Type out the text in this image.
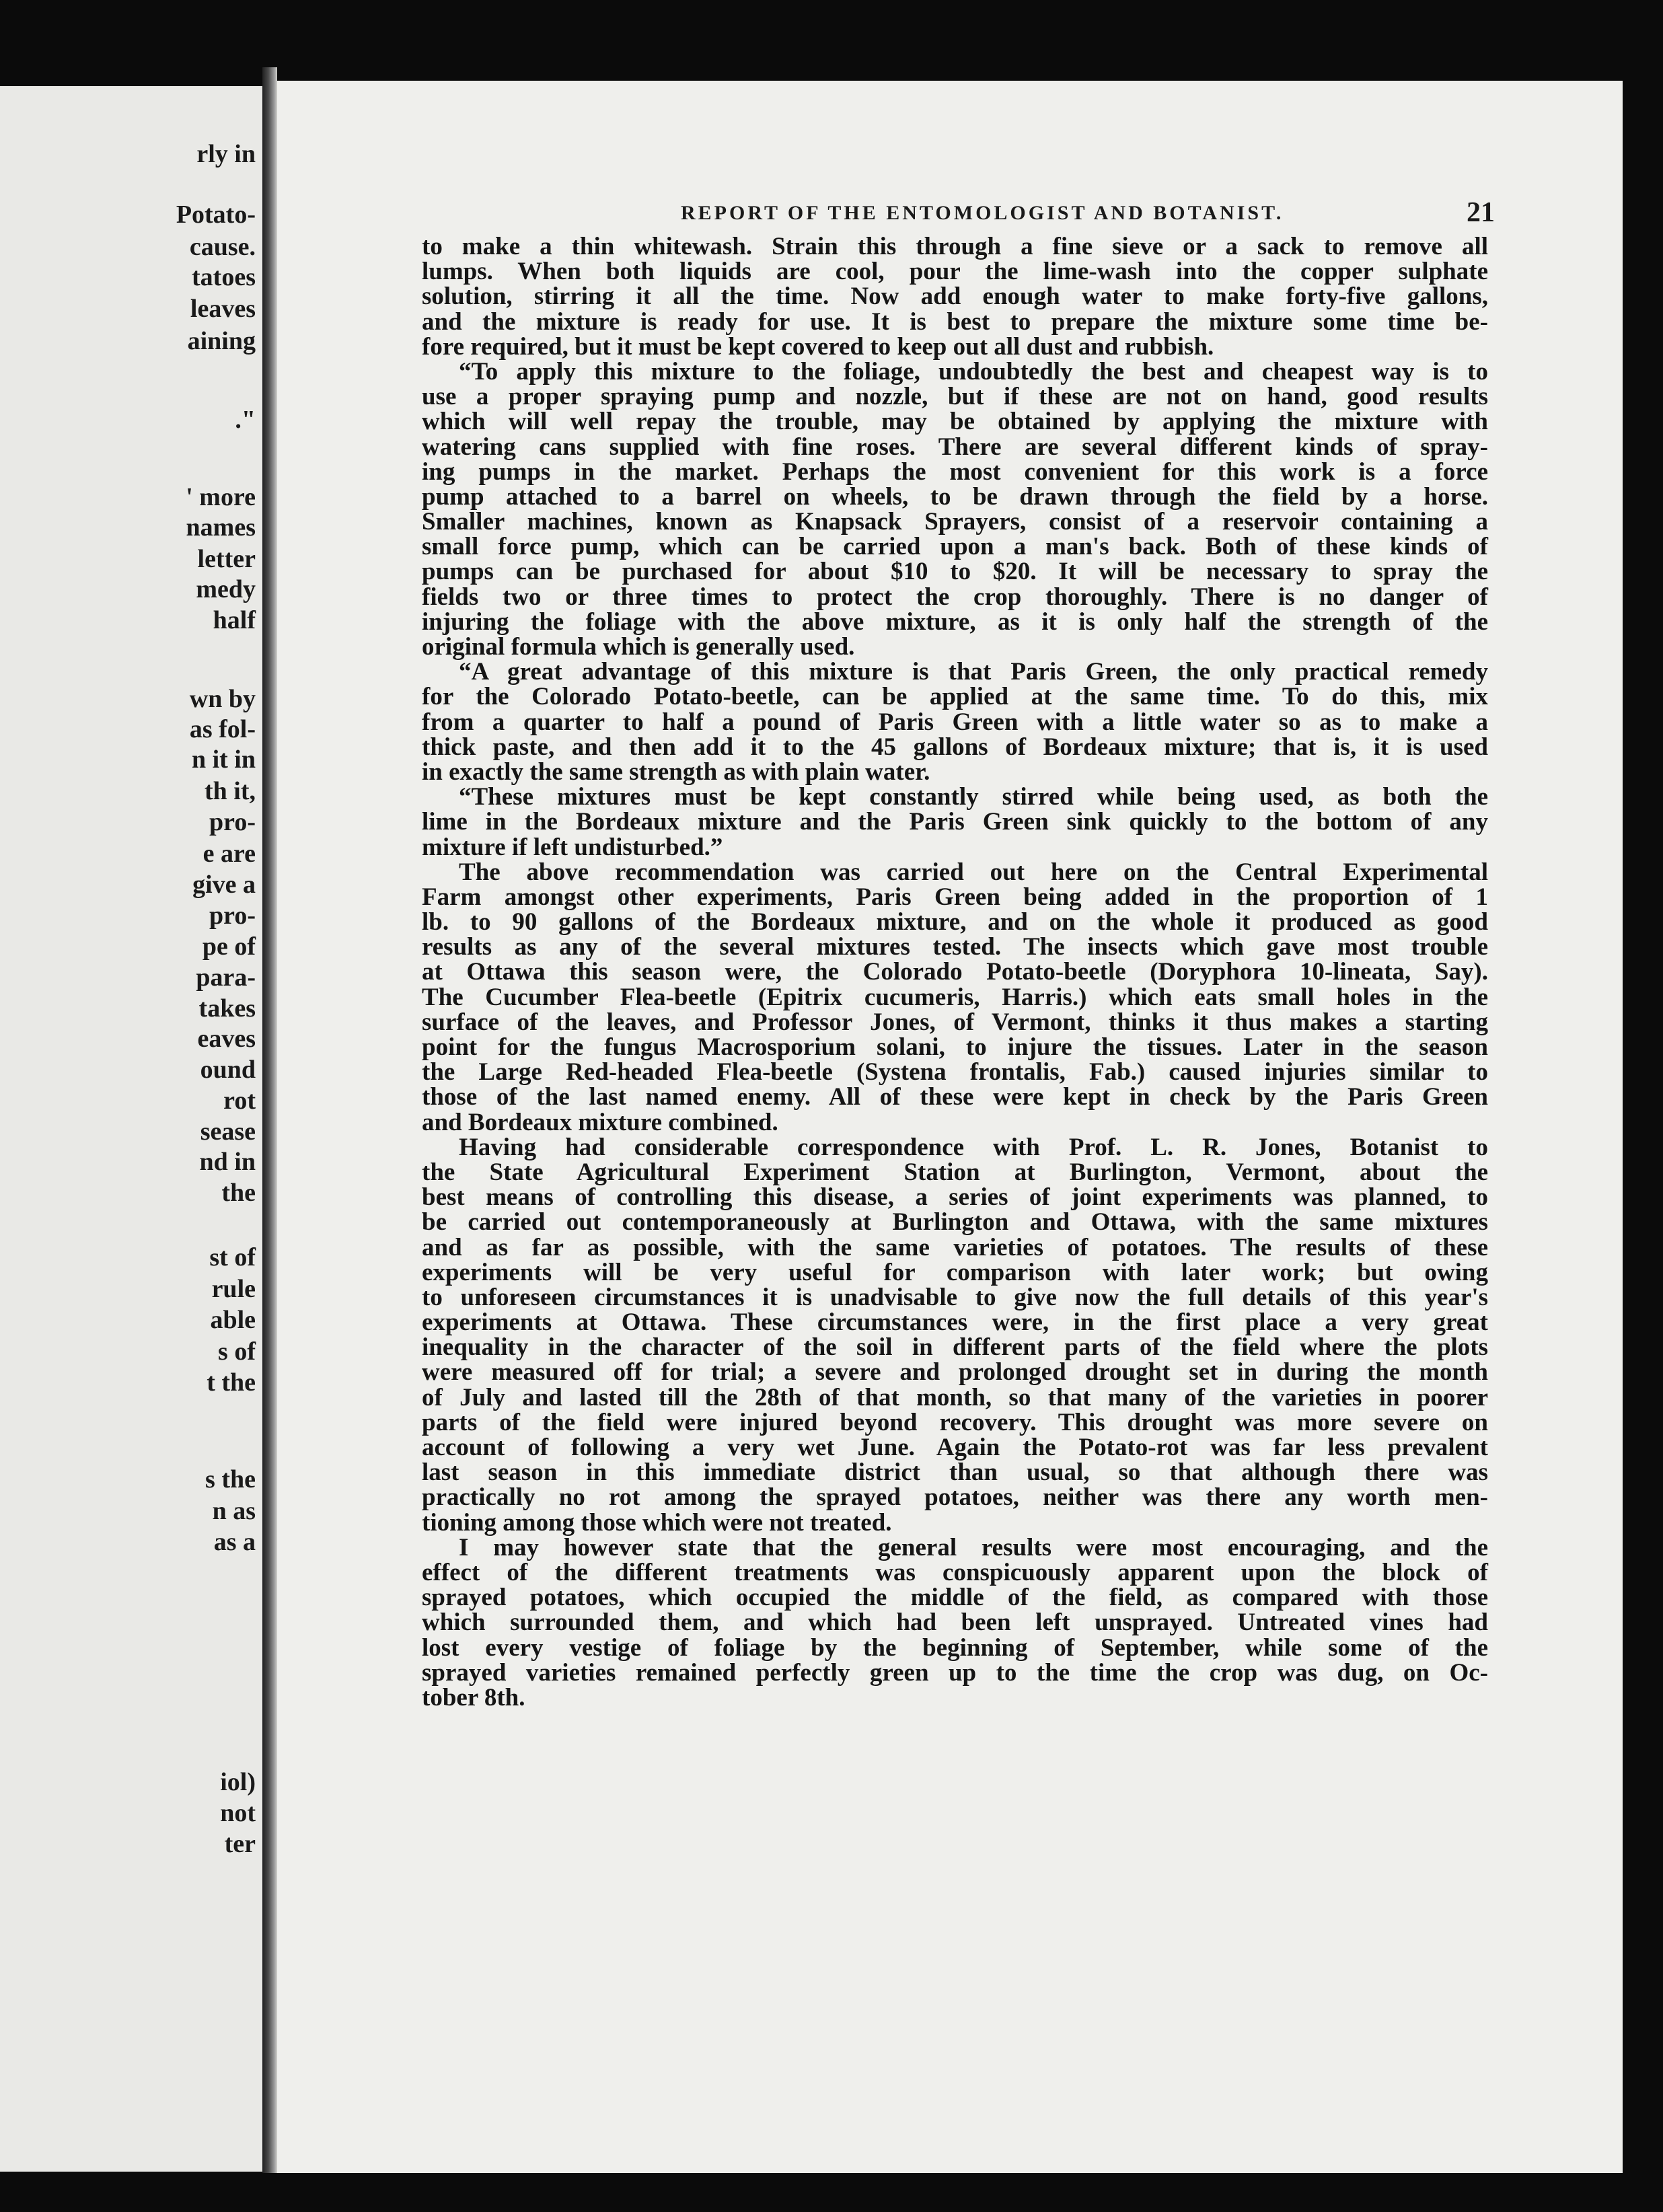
rly in
Potato-
cause.
tatoes
leaves
aining
."
' more
names
letter
medy
half
wn by
as fol-
n it in
th it,
pro-
e are
give a
pro-
pe of
para-
takes
eaves
ound
rot
sease
nd in
the
st of
rule
able
s of
t the
s the
n as
as a
iol)
not
ter
REPORT OF THE ENTOMOLOGIST AND BOTANIST.	21
to make a thin whitewash. Strain this through a fine sieve or a sack to remove all
lumps. When both liquids are cool, pour the lime-wash into the copper sulphate
solution, stirring it all the time. Now add enough water to make forty-five gallons,
and the mixture is ready for use. It is best to prepare the mixture some time be-
fore required, but it must be kept covered to keep out all dust and rubbish.
“To apply this mixture to the foliage, undoubtedly the best and cheapest way is to
use a proper spraying pump and nozzle, but if these are not on hand, good results
which will well repay the trouble, may be obtained by applying the mixture with
watering cans supplied with fine roses. There are several different kinds of spray-
ing pumps in the market. Perhaps the most convenient for this work is a force
pump attached to a barrel on wheels, to be drawn through the field by a horse.
Smaller machines, known as Knapsack Sprayers, consist of a reservoir containing a
small force pump, which can be carried upon a man's back. Both of these kinds of
pumps can be purchased for about $10 to $20. It will be necessary to spray the
fields two or three times to protect the crop thoroughly. There is no danger of
injuring the foliage with the above mixture, as it is only half the strength of the
original formula which is generally used.
“A great advantage of this mixture is that Paris Green, the only practical remedy
for the Colorado Potato-beetle, can be applied at the same time. To do this, mix
from a quarter to half a pound of Paris Green with a little water so as to make a
thick paste, and then add it to the 45 gallons of Bordeaux mixture; that is, it is used
in exactly the same strength as with plain water.
“These mixtures must be kept constantly stirred while being used, as both the
lime in the Bordeaux mixture and the Paris Green sink quickly to the bottom of any
mixture if left undisturbed.”
The above recommendation was carried out here on the Central Experimental
Farm amongst other experiments, Paris Green being added in the proportion of 1
lb. to 90 gallons of the Bordeaux mixture, and on the whole it produced as good
results as any of the several mixtures tested. The insects which gave most trouble
at Ottawa this season were, the Colorado Potato-beetle (Doryphora 10-lineata, Say).
The Cucumber Flea-beetle (Epitrix cucumeris, Harris.) which eats small holes in the
surface of the leaves, and Professor Jones, of Vermont, thinks it thus makes a starting
point for the fungus Macrosporium solani, to injure the tissues. Later in the season
the Large Red-headed Flea-beetle (Systena frontalis, Fab.) caused injuries similar to
those of the last named enemy. All of these were kept in check by the Paris Green
and Bordeaux mixture combined.
Having had considerable correspondence with Prof. L. R. Jones, Botanist to
the State Agricultural Experiment Station at Burlington, Vermont, about the
best means of controlling this disease, a series of joint experiments was planned, to
be carried out contemporaneously at Burlington and Ottawa, with the same mixtures
and as far as possible, with the same varieties of potatoes. The results of these
experiments will be very useful for comparison with later work; but owing
to unforeseen circumstances it is unadvisable to give now the full details of this year's
experiments at Ottawa. These circumstances were, in the first place a very great
inequality in the character of the soil in different parts of the field where the plots
were measured off for trial; a severe and prolonged drought set in during the month
of July and lasted till the 28th of that month, so that many of the varieties in poorer
parts of the field were injured beyond recovery. This drought was more severe on
account of following a very wet June. Again the Potato-rot was far less prevalent
last season in this immediate district than usual, so that although there was
practically no rot among the sprayed potatoes, neither was there any worth men-
tioning among those which were not treated.
I may however state that the general results were most encouraging, and the
effect of the different treatments was conspicuously apparent upon the block of
sprayed potatoes, which occupied the middle of the field, as compared with those
which surrounded them, and which had been left unsprayed. Untreated vines had
lost every vestige of foliage by the beginning of September, while some of the
sprayed varieties remained perfectly green up to the time the crop was dug, on Oc-
tober 8th.
